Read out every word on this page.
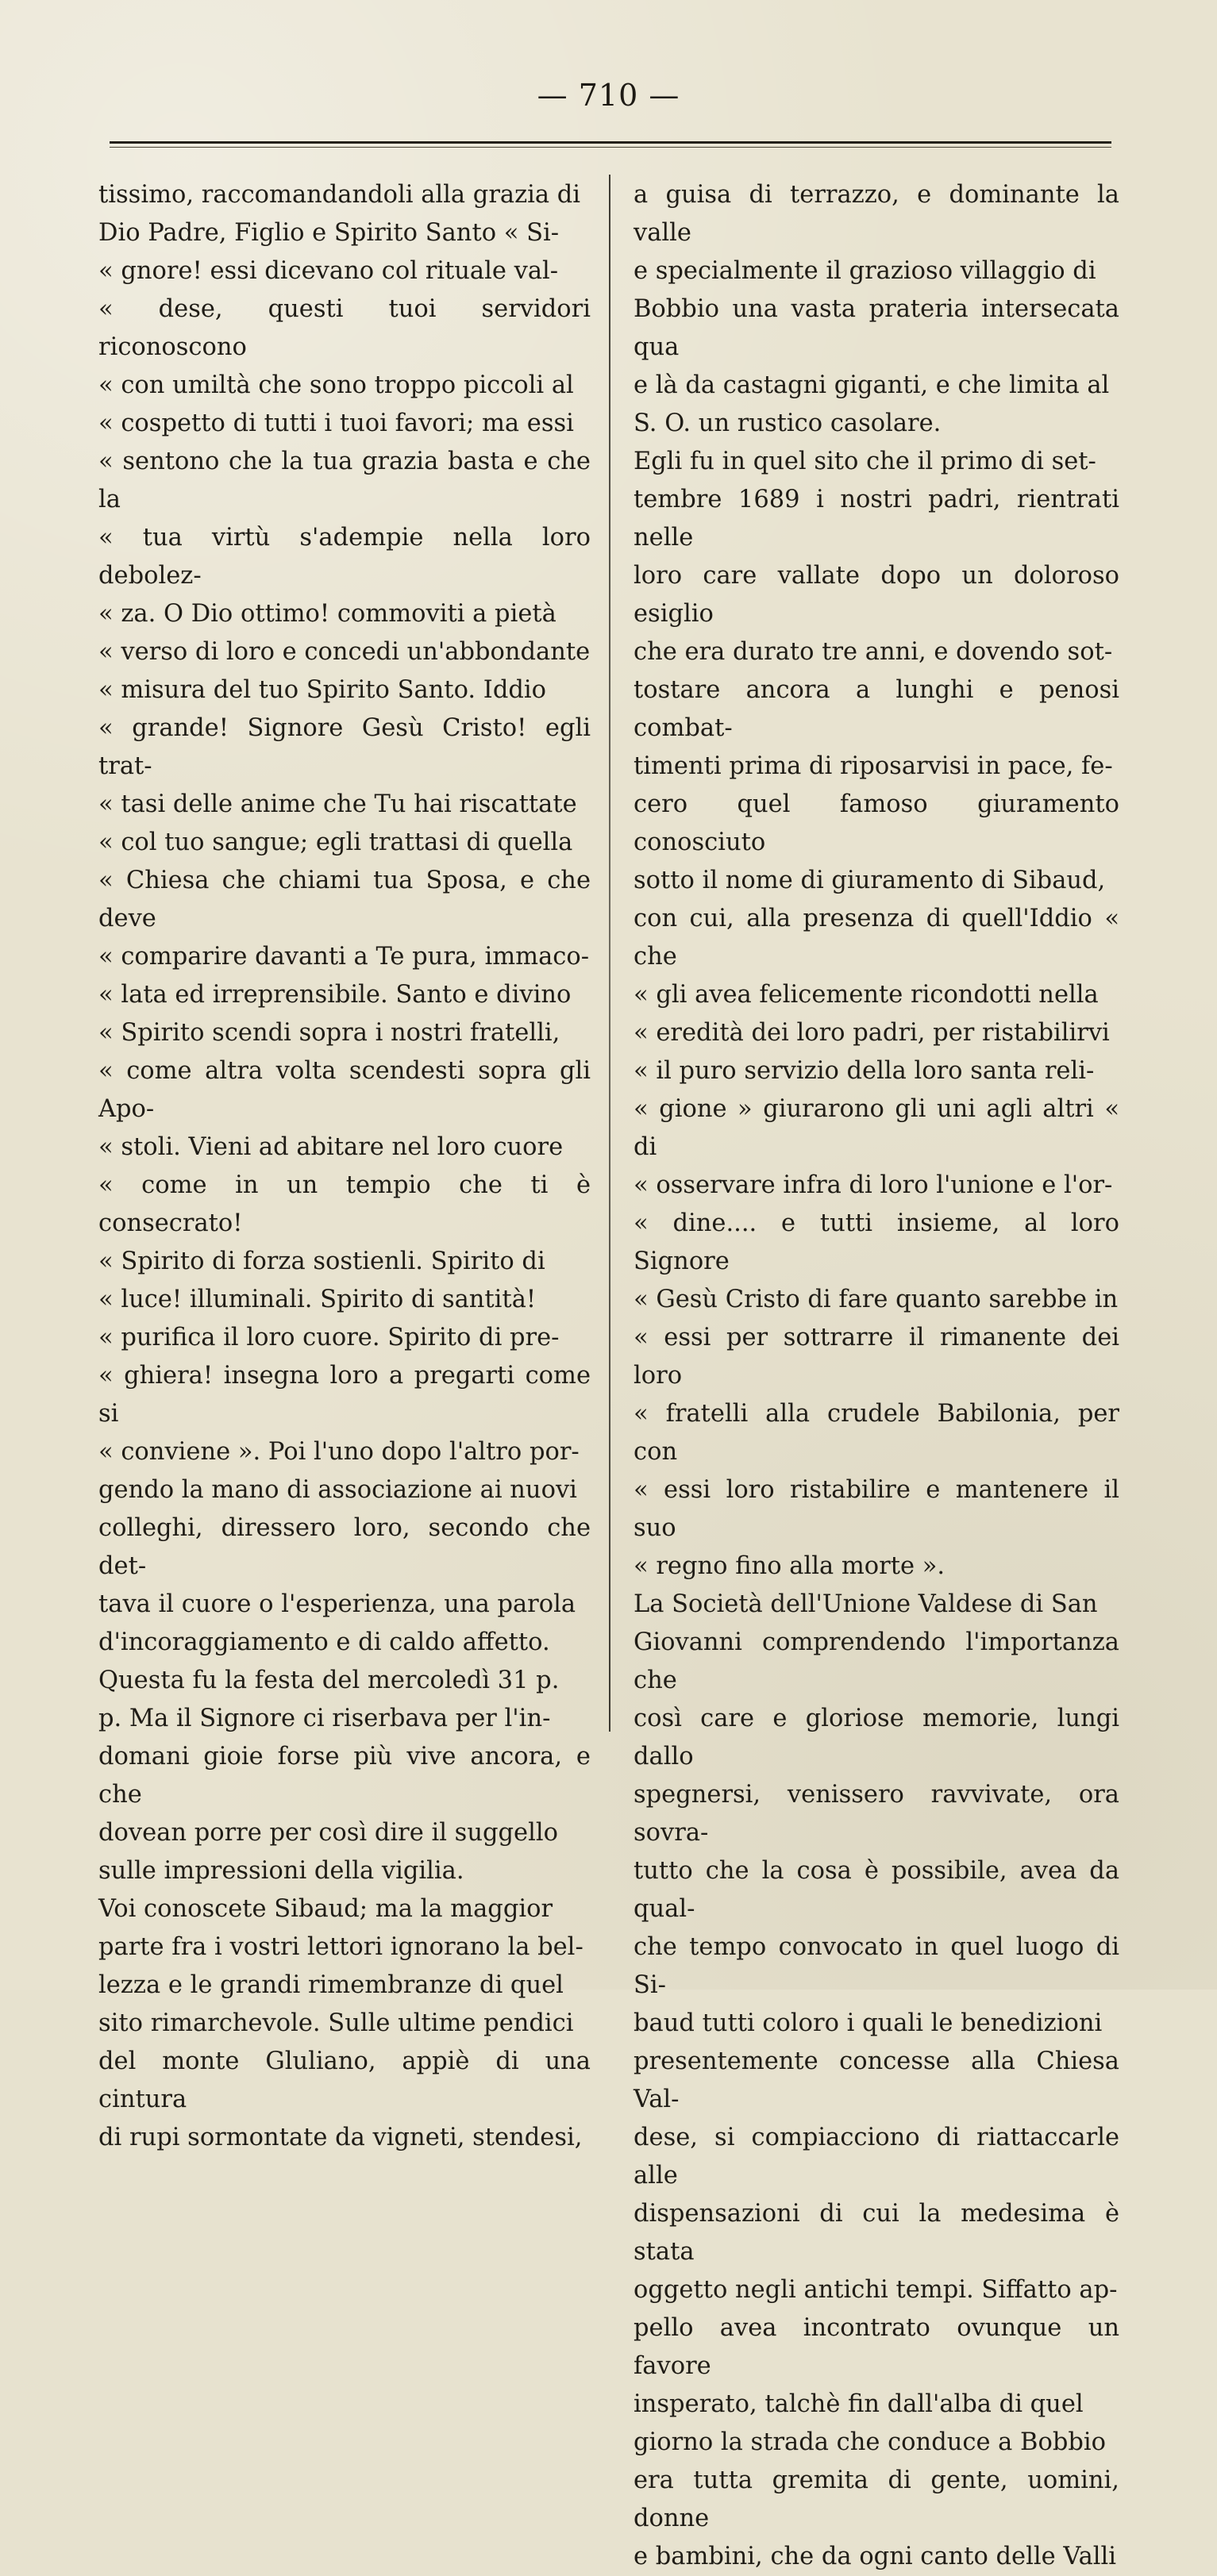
— 710 —

tissimo, raccomandandoli alla grazia di
Dio Padre, Figlio e Spirito Santo « Si-
« gnore! essi dicevano col rituale val-
« dese, questi tuoi servidori riconoscono
« con umiltà che sono troppo piccoli al
« cospetto di tutti i tuoi favori; ma essi
« sentono che la tua grazia basta e che la
« tua virtù s'adempie nella loro debolez-
« za. O Dio ottimo! commoviti a pietà
« verso di loro e concedi un'abbondante
« misura del tuo Spirito Santo. Iddio
« grande! Signore Gesù Cristo! egli trat-
« tasi delle anime che Tu hai riscattate
« col tuo sangue; egli trattasi di quella
« Chiesa che chiami tua Sposa, e che deve
« comparire davanti a Te pura, immaco-
« lata ed irreprensibile. Santo e divino
« Spirito scendi sopra i nostri fratelli,
« come altra volta scendesti sopra gli Apo-
« stoli. Vieni ad abitare nel loro cuore
« come in un tempio che ti è consecrato!
« Spirito di forza sostienli. Spirito di
« luce! illuminali. Spirito di santità!
« purifica il loro cuore. Spirito di pre-
« ghiera! insegna loro a pregarti come si
« conviene ». Poi l'uno dopo l'altro por-
gendo la mano di associazione ai nuovi
colleghi, diressero loro, secondo che det-
tava il cuore o l'esperienza, una parola
d'incoraggiamento e di caldo affetto.

Questa fu la festa del mercoledì 31 p.
p. Ma il Signore ci riserbava per l'in-
domani gioie forse più vive ancora, e che
dovean porre per così dire il suggello
sulle impressioni della vigilia.

Voi conoscete Sibaud; ma la maggior
parte fra i vostri lettori ignorano la bel-
lezza e le grandi rimembranze di quel
sito rimarchevole. Sulle ultime pendici
del monte Gluliano, appiè di una cintura
di rupi sormontate da vigneti, stendesi,

a guisa di terrazzo, e dominante la valle
e specialmente il grazioso villaggio di
Bobbio una vasta prateria intersecata qua
e là da castagni giganti, e che limita al
S. O. un rustico casolare.

Egli fu in quel sito che il primo di set-
tembre 1689 i nostri padri, rientrati nelle
loro care vallate dopo un doloroso esiglio
che era durato tre anni, e dovendo sot-
tostare ancora a lunghi e penosi combat-
timenti prima di riposarvisi in pace, fe-
cero quel famoso giuramento conosciuto
sotto il nome di giuramento di Sibaud,
con cui, alla presenza di quell'Iddio « che
« gli avea felicemente ricondotti nella
« eredità dei loro padri, per ristabilirvi
« il puro servizio della loro santa reli-
« gione » giurarono gli uni agli altri « di
« osservare infra di loro l'unione e l'or-
« dine.... e tutti insieme, al loro Signore
« Gesù Cristo di fare quanto sarebbe in
« essi per sottrarre il rimanente dei loro
« fratelli alla crudele Babilonia, per con
« essi loro ristabilire e mantenere il suo
« regno fino alla morte ».

La Società dell'Unione Valdese di San
Giovanni comprendendo l'importanza che
così care e gloriose memorie, lungi dallo
spegnersi, venissero ravvivate, ora sovra-
tutto che la cosa è possibile, avea da qual-
che tempo convocato in quel luogo di Si-
baud tutti coloro i quali le benedizioni
presentemente concesse alla Chiesa Val-
dese, si compiacciono di riattaccarle alle
dispensazioni di cui la medesima è stata
oggetto negli antichi tempi. Siffatto ap-
pello avea incontrato ovunque un favore
insperato, talchè fin dall'alba di quel
giorno la strada che conduce a Bobbio
era tutta gremita di gente, uomini, donne
e bambini, che da ogni canto delle Valli
